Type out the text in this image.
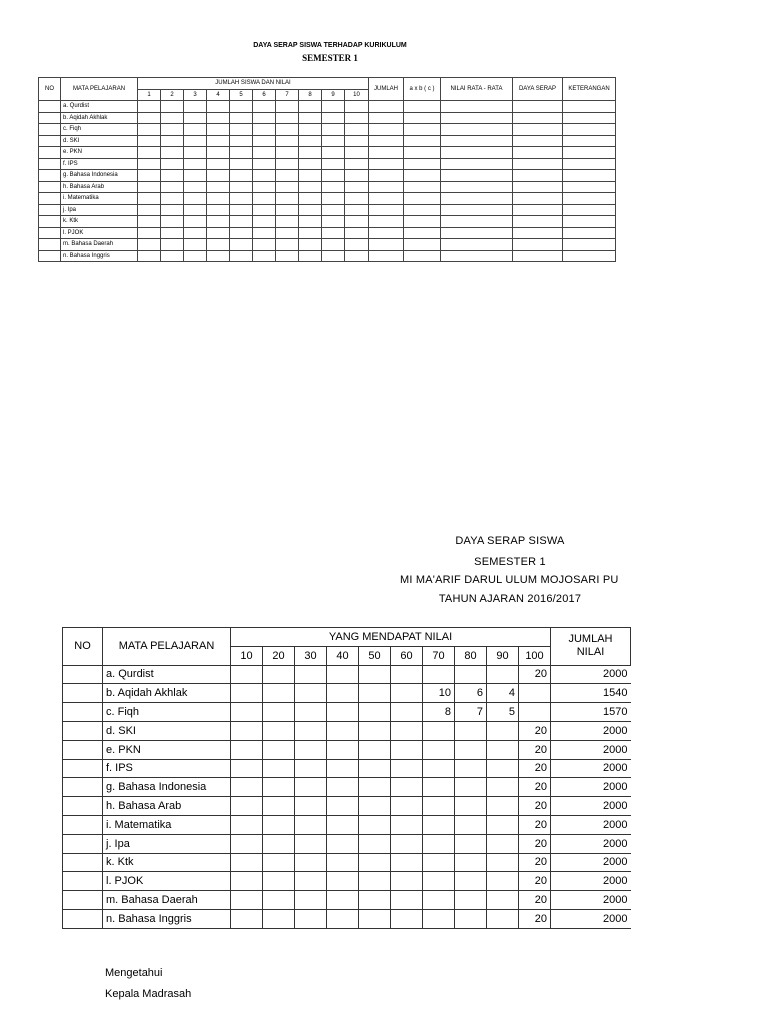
DAYA SERAP SISWA TERHADAP KURIKULUM
SEMESTER 1
NO	MATA PELAJARAN	JUMLAH SISWA DAN NILAI										JUMLAH	a x b ( c )	NILAI RATA - RATA	DAYA SERAP	KETERANGAN
		1	2	3	4	5	6	7	8	9	10					
	a. Qurdist															
	b. Aqidah Akhlak															
	c. Fiqh															
	d. SKI															
	e. PKN															
	f. IPS															
	g. Bahasa Indonesia															
	h. Bahasa Arab															
	i. Matematika															
	j. Ipa															
	k. Ktk															
	l. PJOK															
	m. Bahasa Daerah															
	n. Bahasa Inggris															
DAYA SERAP SISWA
SEMESTER 1
MI MA'ARIF DARUL ULUM MOJOSARI PU
TAHUN AJARAN 2016/2017
NO	MATA PELAJARAN	YANG MENDAPAT NILAI										JUMLAH
NILAI
		10	20	30	40	50	60	70	80	90	100	
	a. Qurdist										20	2000
	b. Aqidah Akhlak							10	6	4		1540
	c. Fiqh							8	7	5		1570
	d. SKI										20	2000
	e. PKN										20	2000
	f. IPS										20	2000
	g. Bahasa Indonesia										20	2000
	h. Bahasa Arab										20	2000
	i. Matematika										20	2000
	j. Ipa										20	2000
	k. Ktk										20	2000
	l. PJOK										20	2000
	m. Bahasa Daerah										20	2000
	n. Bahasa Inggris										20	2000
Mengetahui
Kepala Madrasah
